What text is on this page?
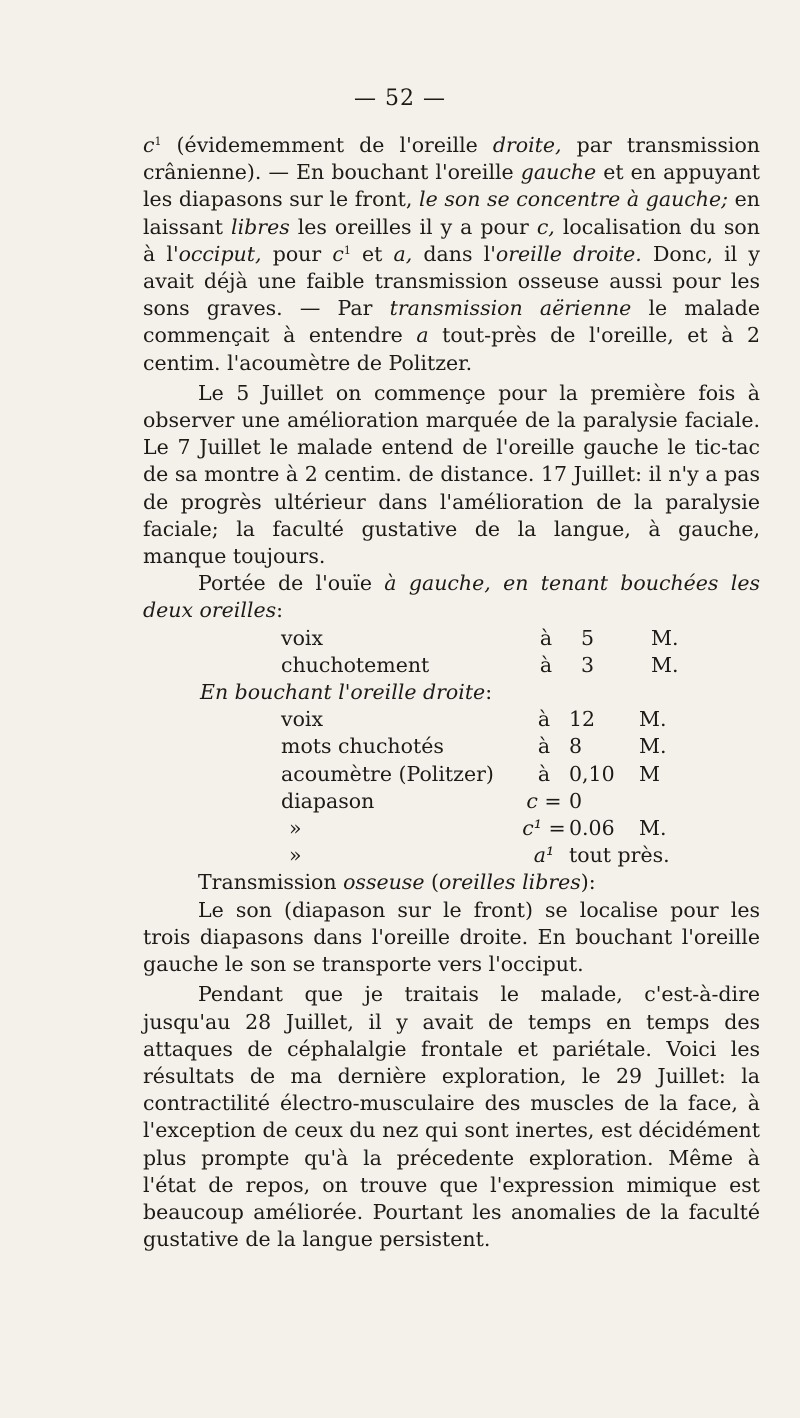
— 52 —

$c^1$ (évidememment de l'oreille droite, par transmission crânienne). — En bouchant l'oreille gauche et en appuyant les diapasons sur le front, le son se concentre à gauche; en laissant libres les oreilles il y a pour c, localisation du son à l'occiput, pour $c^1$ et a, dans l'oreille droite. Donc, il y avait déjà une faible transmission osseuse aussi pour les sons graves. — Par transmission aërienne le malade commençait à entendre a tout-près de l'oreille, et à 2 centim. l'acoumètre de Politzer.

Le 5 Juillet on commençe pour la première fois à observer une amélioration marquée de la paralysie faciale. Le 7 Juillet le malade entend de l'oreille gauche le tic-tac de sa montre à 2 centim. de distance. 17 Juillet: il n'y a pas de progrès ultérieur dans l'amélioration de la paralysie faciale; la faculté gustative de la langue, à gauche, manque toujours.

Portée de l'ouïe à gauche, en tenant bouchées les deux oreilles:

voix	à	5	M.
chuchotement	à	3	M.

En bouchant l'oreille droite:

voix	à	12	M.
mots chuchotés	à	8	M.
acoumètre (Politzer)	à	0,10	M
diapason	c =	0	
»	c¹ =	0.06	M.
»	a¹	tout près.	

Transmission osseuse (oreilles libres):

Le son (diapason sur le front) se localise pour les trois diapasons dans l'oreille droite. En bouchant l'oreille gauche le son se transporte vers l'occiput.

Pendant que je traitais le malade, c'est-à-dire jusqu'au 28 Juillet, il y avait de temps en temps des attaques de céphalalgie frontale et pariétale. Voici les résultats de ma dernière exploration, le 29 Juillet: la contractilité électro-musculaire des muscles de la face, à l'exception de ceux du nez qui sont inertes, est décidément plus prompte qu'à la précedente exploration. Même à l'état de repos, on trouve que l'expression mimique est beaucoup améliorée. Pourtant les anomalies de la faculté gustative de la langue persistent.
